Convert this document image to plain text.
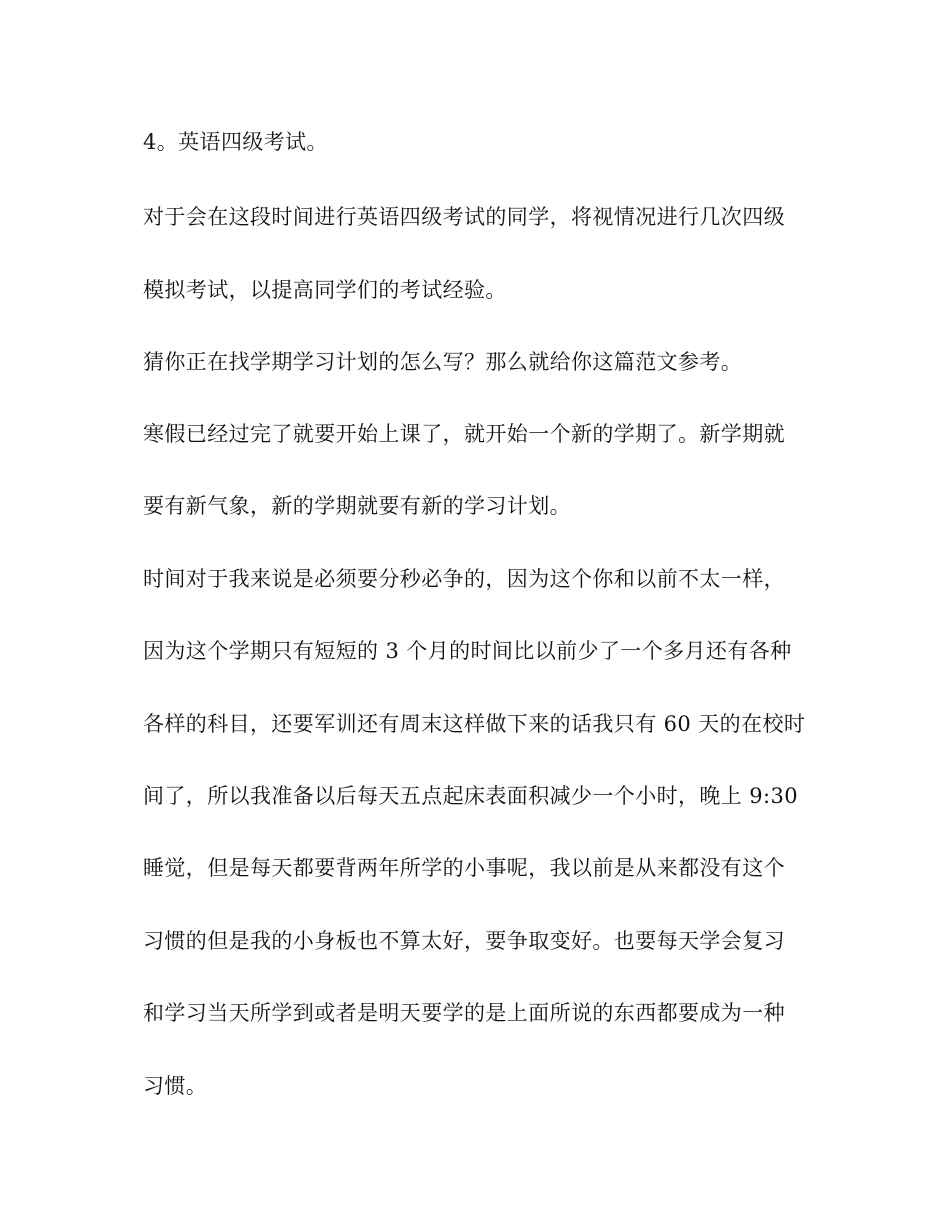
4。英语四级考试。
对于会在这段时间进行英语四级考试的同学，将视情况进行几次四级
模拟考试，以提高同学们的考试经验。
猜你正在找学期学习计划的怎么写？那么就给你这篇范文参考。
寒假已经过完了就要开始上课了，就开始一个新的学期了。新学期就
要有新气象，新的学期就要有新的学习计划。
时间对于我来说是必须要分秒必争的，因为这个你和以前不太一样，
因为这个学期只有短短的 3 个月的时间比以前少了一个多月还有各种
各样的科目，还要军训还有周末这样做下来的话我只有 60 天的在校时
间了，所以我准备以后每天五点起床表面积减少一个小时，晚上 9:30
睡觉，但是每天都要背两年所学的小事呢，我以前是从来都没有这个
习惯的但是我的小身板也不算太好，要争取变好。也要每天学会复习
和学习当天所学到或者是明天要学的是上面所说的东西都要成为一种
习惯。
